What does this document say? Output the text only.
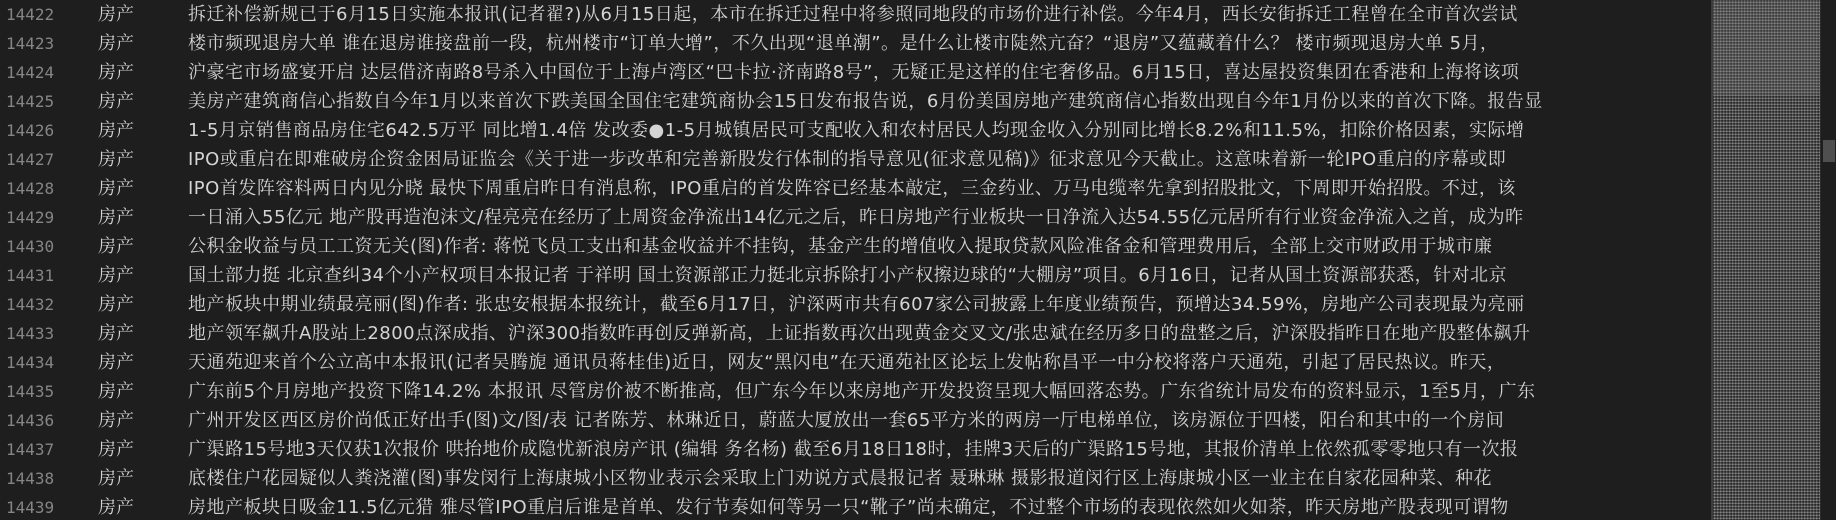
14422	房产	拆迁补偿新规已于6月15日实施本报讯(记者翟?)从6月15日起，本市在拆迁过程中将参照同地段的市场价进行补偿。今年4月，西长安街拆迁工程曾在全市首次尝试
14423	房产	楼市频现退房大单 谁在退房谁接盘前一段，杭州楼市“订单大增”，不久出现“退单潮”。是什么让楼市陡然亢奋？“退房”又蕴藏着什么？ 楼市频现退房大单 5月，
14424	房产	沪豪宅市场盛宴开启 达层借济南路8号杀入中国位于上海卢湾区“巴卡拉·济南路8号”，无疑正是这样的住宅奢侈品。6月15日，喜达屋投资集团在香港和上海将该项
14425	房产	美房产建筑商信心指数自今年1月以来首次下跌美国全国住宅建筑商协会15日发布报告说，6月份美国房地产建筑商信心指数出现自今年1月份以来的首次下降。报告显
14426	房产	1-5月京销售商品房住宅642.5万平 同比增1.4倍 发改委●1-5月城镇居民可支配收入和农村居民人均现金收入分别同比增长8.2%和11.5%，扣除价格因素，实际增
14427	房产	IPO或重启在即难破房企资金困局证监会《关于进一步改革和完善新股发行体制的指导意见(征求意见稿)》征求意见今天截止。这意味着新一轮IPO重启的序幕或即
14428	房产	IPO首发阵容料两日内见分晓 最快下周重启昨日有消息称，IPO重启的首发阵容已经基本敲定，三金药业、万马电缆率先拿到招股批文，下周即开始招股。不过，该
14429	房产	一日涌入55亿元 地产股再造泡沫文/程亮亮在经历了上周资金净流出14亿元之后，昨日房地产行业板块一日净流入达54.55亿元居所有行业资金净流入之首，成为昨
14430	房产	公积金收益与员工工资无关(图)作者: 蒋悦飞员工支出和基金收益并不挂钩，基金产生的增值收入提取贷款风险准备金和管理费用后，全部上交市财政用于城市廉
14431	房产	国土部力挺 北京查纠34个小产权项目本报记者 于祥明 国土资源部正力挺北京拆除打小产权擦边球的“大棚房”项目。6月16日，记者从国土资源部获悉，针对北京
14432	房产	地产板块中期业绩最亮丽(图)作者: 张忠安根据本报统计，截至6月17日，沪深两市共有607家公司披露上年度业绩预告，预增达34.59%，房地产公司表现最为亮丽
14433	房产	地产领军飙升A股站上2800点深成指、沪深300指数昨再创反弹新高，上证指数再次出现黄金交叉文/张忠斌在经历多日的盘整之后，沪深股指昨日在地产股整体飙升
14434	房产	天通苑迎来首个公立高中本报讯(记者吴腾旎 通讯员蒋桂佳)近日，网友“黑闪电”在天通苑社区论坛上发帖称昌平一中分校将落户天通苑，引起了居民热议。昨天，
14435	房产	广东前5个月房地产投资下降14.2% 本报讯 尽管房价被不断推高，但广东今年以来房地产开发投资呈现大幅回落态势。广东省统计局发布的资料显示，1至5月，广东
14436	房产	广州开发区西区房价尚低正好出手(图)文/图/表 记者陈芳、林琳近日，蔚蓝大厦放出一套65平方米的两房一厅电梯单位，该房源位于四楼，阳台和其中的一个房间
14437	房产	广渠路15号地3天仅获1次报价 哄抬地价成隐忧新浪房产讯 (编辑 务名杨) 截至6月18日18时，挂牌3天后的广渠路15号地，其报价清单上依然孤零零地只有一次报
14438	房产	底楼住户花园疑似人粪浇灌(图)事发闵行上海康城小区物业表示会采取上门劝说方式晨报记者 聂琳琳 摄影报道闵行区上海康城小区一业主在自家花园种菜、种花
14439	房产	房地产板块日吸金11.5亿元猎 雅尽管IPO重启后谁是首单、发行节奏如何等另一只“靴子”尚未确定，不过整个市场的表现依然如火如荼，昨天房地产股表现可谓物
